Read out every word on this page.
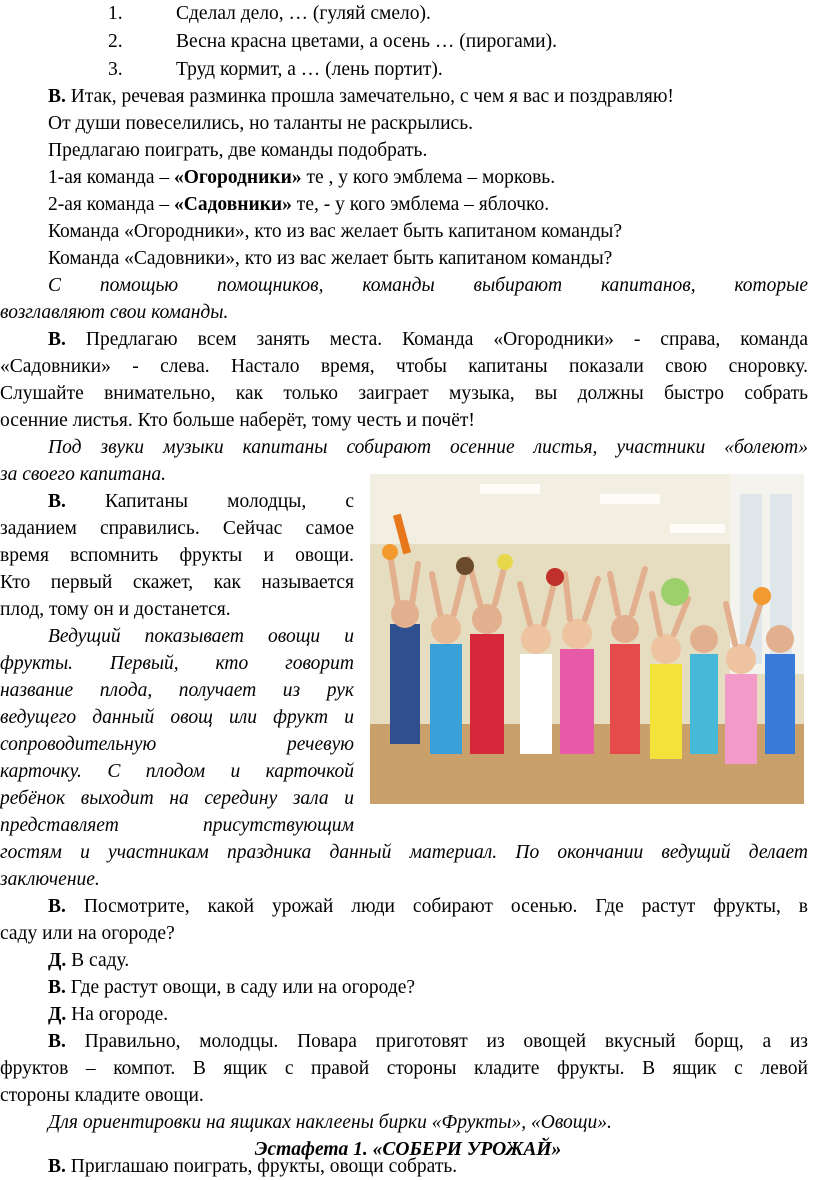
1.	Сделал дело, … (гуляй смело).
2.	Весна красна цветами, а осень … (пирогами).
3.	Труд кормит, а … (лень портит).
В. Итак, речевая разминка прошла замечательно, с чем я вас и поздравляю!
От души повеселились, но таланты не раскрылись.
Предлагаю поиграть, две команды подобрать.
1-ая команда – «Огородники» те , у кого эмблема – морковь.
2-ая команда – «Садовники» те, - у кого эмблема – яблочко.
Команда «Огородники», кто из вас желает быть капитаном команды?
Команда «Садовники», кто из вас желает быть капитаном команды?
С помощью помощников, команды выбирают капитанов, которые
возглавляют свои команды.
В. Предлагаю всем занять места. Команда «Огородники» - справа, команда
«Садовники» - слева. Настало время, чтобы капитаны показали свою сноровку.
Слушайте внимательно, как только заиграет музыка, вы должны быстро собрать
осенние листья. Кто больше наберёт, тому честь и почёт!
Под звуки музыки капитаны собирают осенние листья, участники «болеют»
за своего капитана.
В. Капитаны молодцы, с
заданием справились. Сейчас самое
время вспомнить фрукты и овощи.
Кто первый скажет, как называется
плод, тому он и достанется.
Ведущий показывает овощи и
фрукты. Первый, кто говорит
название плода, получает из рук
ведущего данный овощ или фрукт и
сопроводительную речевую
карточку. С плодом и карточкой
ребёнок выходит на середину зала и
представляет присутствующим
гостям и участникам праздника данный материал. По окончании ведущий делает
заключение.
В. Посмотрите, какой урожай люди собирают осенью. Где растут фрукты, в
саду или на огороде?
Д. В саду.
В. Где растут овощи, в саду или на огороде?
Д. На огороде.
В. Правильно, молодцы. Повара приготовят из овощей вкусный борщ, а из
фруктов – компот. В ящик с правой стороны кладите фрукты. В ящик с левой
стороны кладите овощи.
Для ориентировки на ящиках наклеены бирки «Фрукты», «Овощи».
Эстафета 1. «СОБЕРИ УРОЖАЙ»
В. Приглашаю поиграть, фрукты, овощи собрать.
